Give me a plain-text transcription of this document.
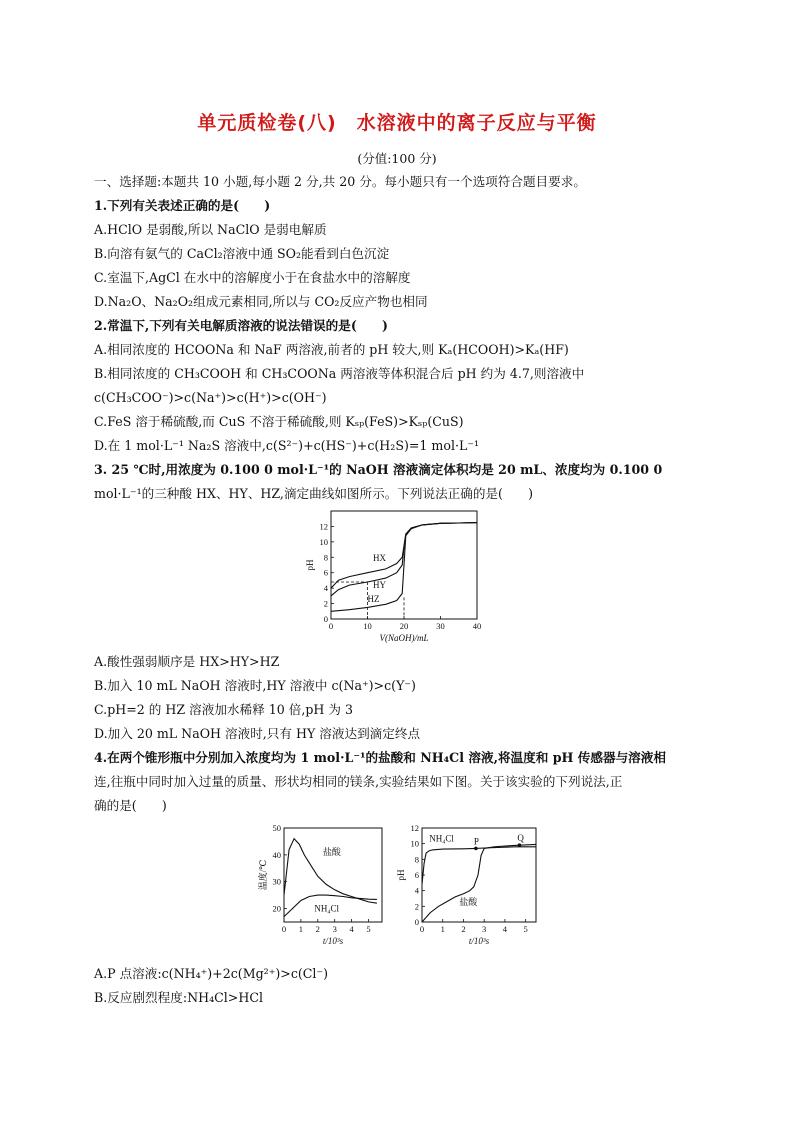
单元质检卷(八)　水溶液中的离子反应与平衡
(分值:100 分)
一、选择题:本题共 10 小题,每小题 2 分,共 20 分。每小题只有一个选项符合题目要求。
1.下列有关表述正确的是(　　)
A.HClO 是弱酸,所以 NaClO 是弱电解质
B.向溶有氨气的 CaCl₂溶液中通 SO₂能看到白色沉淀
C.室温下,AgCl 在水中的溶解度小于在食盐水中的溶解度
D.Na₂O、Na₂O₂组成元素相同,所以与 CO₂反应产物也相同
2.常温下,下列有关电解质溶液的说法错误的是(　　)
A.相同浓度的 HCOONa 和 NaF 两溶液,前者的 pH 较大,则 Kₐ(HCOOH)>Kₐ(HF)
B.相同浓度的 CH₃COOH 和 CH₃COONa 两溶液等体积混合后 pH 约为 4.7,则溶液中
c(CH₃COO⁻)>c(Na⁺)>c(H⁺)>c(OH⁻)
C.FeS 溶于稀硫酸,而 CuS 不溶于稀硫酸,则 Kₛₚ(FeS)>Kₛₚ(CuS)
D.在 1 mol·L⁻¹ Na₂S 溶液中,c(S²⁻)+c(HS⁻)+c(H₂S)=1 mol·L⁻¹
3. 25 ℃时,用浓度为 0.100 0 mol·L⁻¹的 NaOH 溶液滴定体积均是 20 mL、浓度均为 0.100 0
mol·L⁻¹的三种酸 HX、HY、HZ,滴定曲线如图所示。下列说法正确的是(　　)
0	10	20	30	40
0
2
4
6
8
10
12
V(NaOH)/mL
pH
HX
HY
HZ
A.酸性强弱顺序是 HX>HY>HZ
B.加入 10 mL NaOH 溶液时,HY 溶液中 c(Na⁺)>c(Y⁻)
C.pH=2 的 HZ 溶液加水稀释 10 倍,pH 为 3
D.加入 20 mL NaOH 溶液时,只有 HY 溶液达到滴定终点
4.在两个锥形瓶中分别加入浓度均为 1 mol·L⁻¹的盐酸和 NH₄Cl 溶液,将温度和 pH 传感器与溶液相
连,往瓶中同时加入过量的质量、形状均相同的镁条,实验结果如下图。关于该实验的下列说法,正
确的是(　　)
0 1 2 3 4 5
20
30
40
50
t/10³s
温度/℃
盐酸
NH₄Cl
0 1 2 3 4 5
0
2
4
6
8
10
12
t/10³s
pH
NH₄Cl
盐酸
P	Q
A.P 点溶液:c(NH₄⁺)+2c(Mg²⁺)>c(Cl⁻)
B.反应剧烈程度:NH₄Cl>HCl
